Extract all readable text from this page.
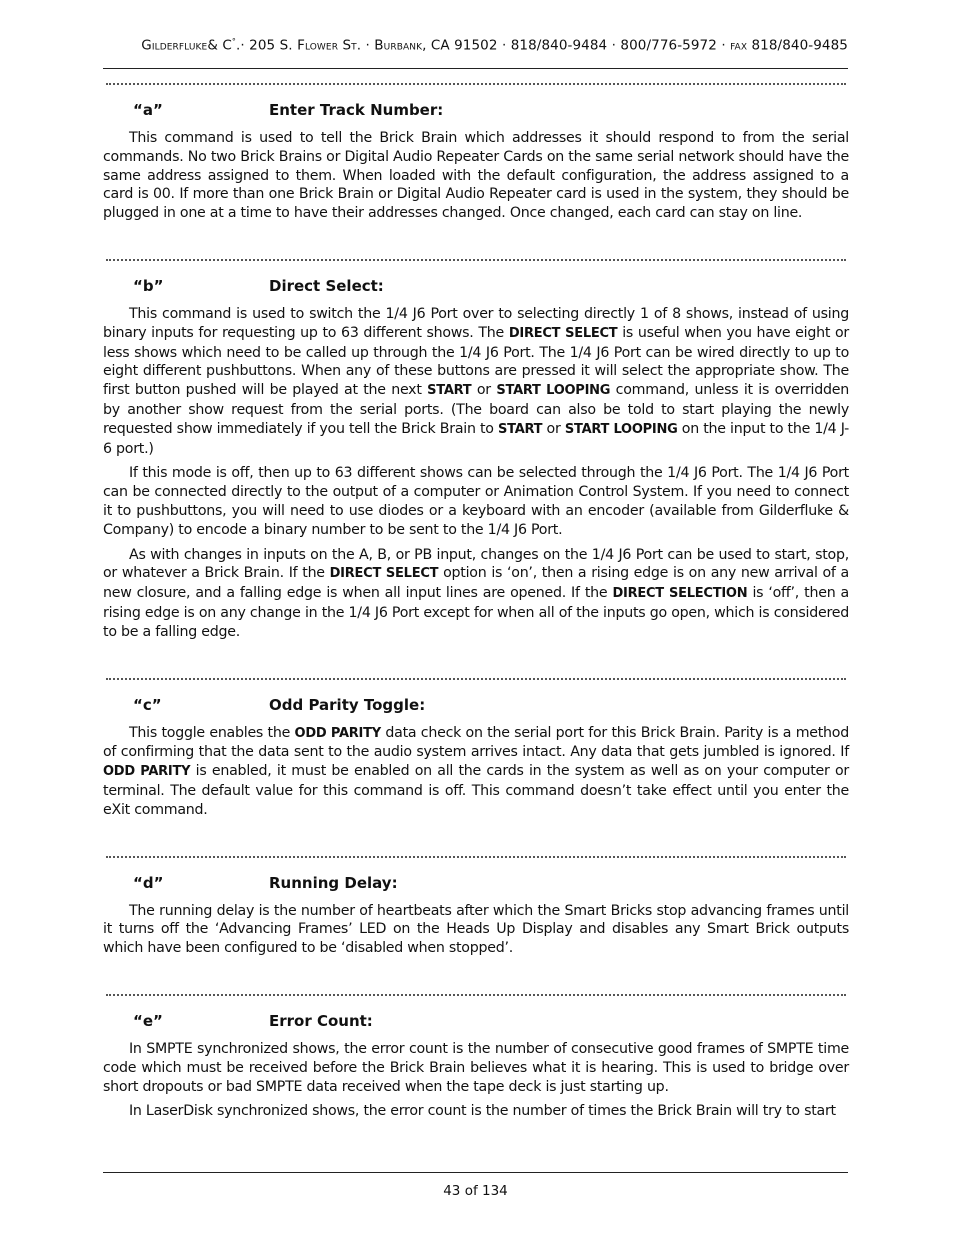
Gilderfluke& C°.· 205 S. Flower St. · Burbank, CA 91502 · 818/840-9484 · 800/776-5972 · fax 818/840-9485
“a”	Enter Track Number:

This command is used to tell the Brick Brain which addresses it should respond to from the serial commands. No two Brick Brains or Digital Audio Repeater Cards on the same serial network should have the same address assigned to them. When loaded with the default configuration, the address assigned to a card is 00. If more than one Brick Brain or Digital Audio Repeater card is used in the system, they should be plugged in one at a time to have their addresses changed. Once changed, each card can stay on line.

“b”	Direct Select:

This command is used to switch the 1/4 J6 Port over to selecting directly 1 of 8 shows, instead of using binary inputs for requesting up to 63 different shows. The DIRECT SELECT is useful when you have eight or less shows which need to be called up through the 1/4 J6 Port. The 1/4 J6 Port can be wired directly to up to eight different pushbuttons. When any of these buttons are pressed it will select the appropriate show. The first button pushed will be played at the next START or START LOOPING command, unless it is overridden by another show request from the serial ports. (The board can also be told to start playing the newly requested show immediately if you tell the Brick Brain to START or START LOOPING on the input to the 1/4 J-6 port.)

If this mode is off, then up to 63 different shows can be selected through the 1/4 J6 Port. The 1/4 J6 Port can be connected directly to the output of a computer or Animation Control System. If you need to connect it to pushbuttons, you will need to use diodes or a keyboard with an encoder (available from Gilderfluke & Company) to encode a binary number to be sent to the 1/4 J6 Port.

As with changes in inputs on the A, B, or PB input, changes on the 1/4 J6 Port can be used to start, stop, or whatever a Brick Brain. If the DIRECT SELECT option is ‘on’, then a rising edge is on any new arrival of a new closure, and a falling edge is when all input lines are opened. If the DIRECT SELECTION is ‘off’, then a rising edge is on any change in the 1/4 J6 Port except for when all of the inputs go open, which is considered to be a falling edge.

“c”	Odd Parity Toggle:

This toggle enables the ODD PARITY data check on the serial port for this Brick Brain. Parity is a method of confirming that the data sent to the audio system arrives intact. Any data that gets jumbled is ignored. If ODD PARITY is enabled, it must be enabled on all the cards in the system as well as on your computer or terminal. The default value for this command is off. This command doesn’t take effect until you enter the eXit command.

“d”	Running Delay:

The running delay is the number of heartbeats after which the Smart Bricks stop advancing frames until it turns off the ‘Advancing Frames’ LED on the Heads Up Display and disables any Smart Brick outputs which have been configured to be ‘disabled when stopped’.

“e”	Error Count:

In SMPTE synchronized shows, the error count is the number of consecutive good frames of SMPTE time code which must be received before the Brick Brain believes what it is hearing. This is used to bridge over short dropouts or bad SMPTE data received when the tape deck is just starting up.

In LaserDisk synchronized shows, the error count is the number of times the Brick Brain will try to start

43 of 134
